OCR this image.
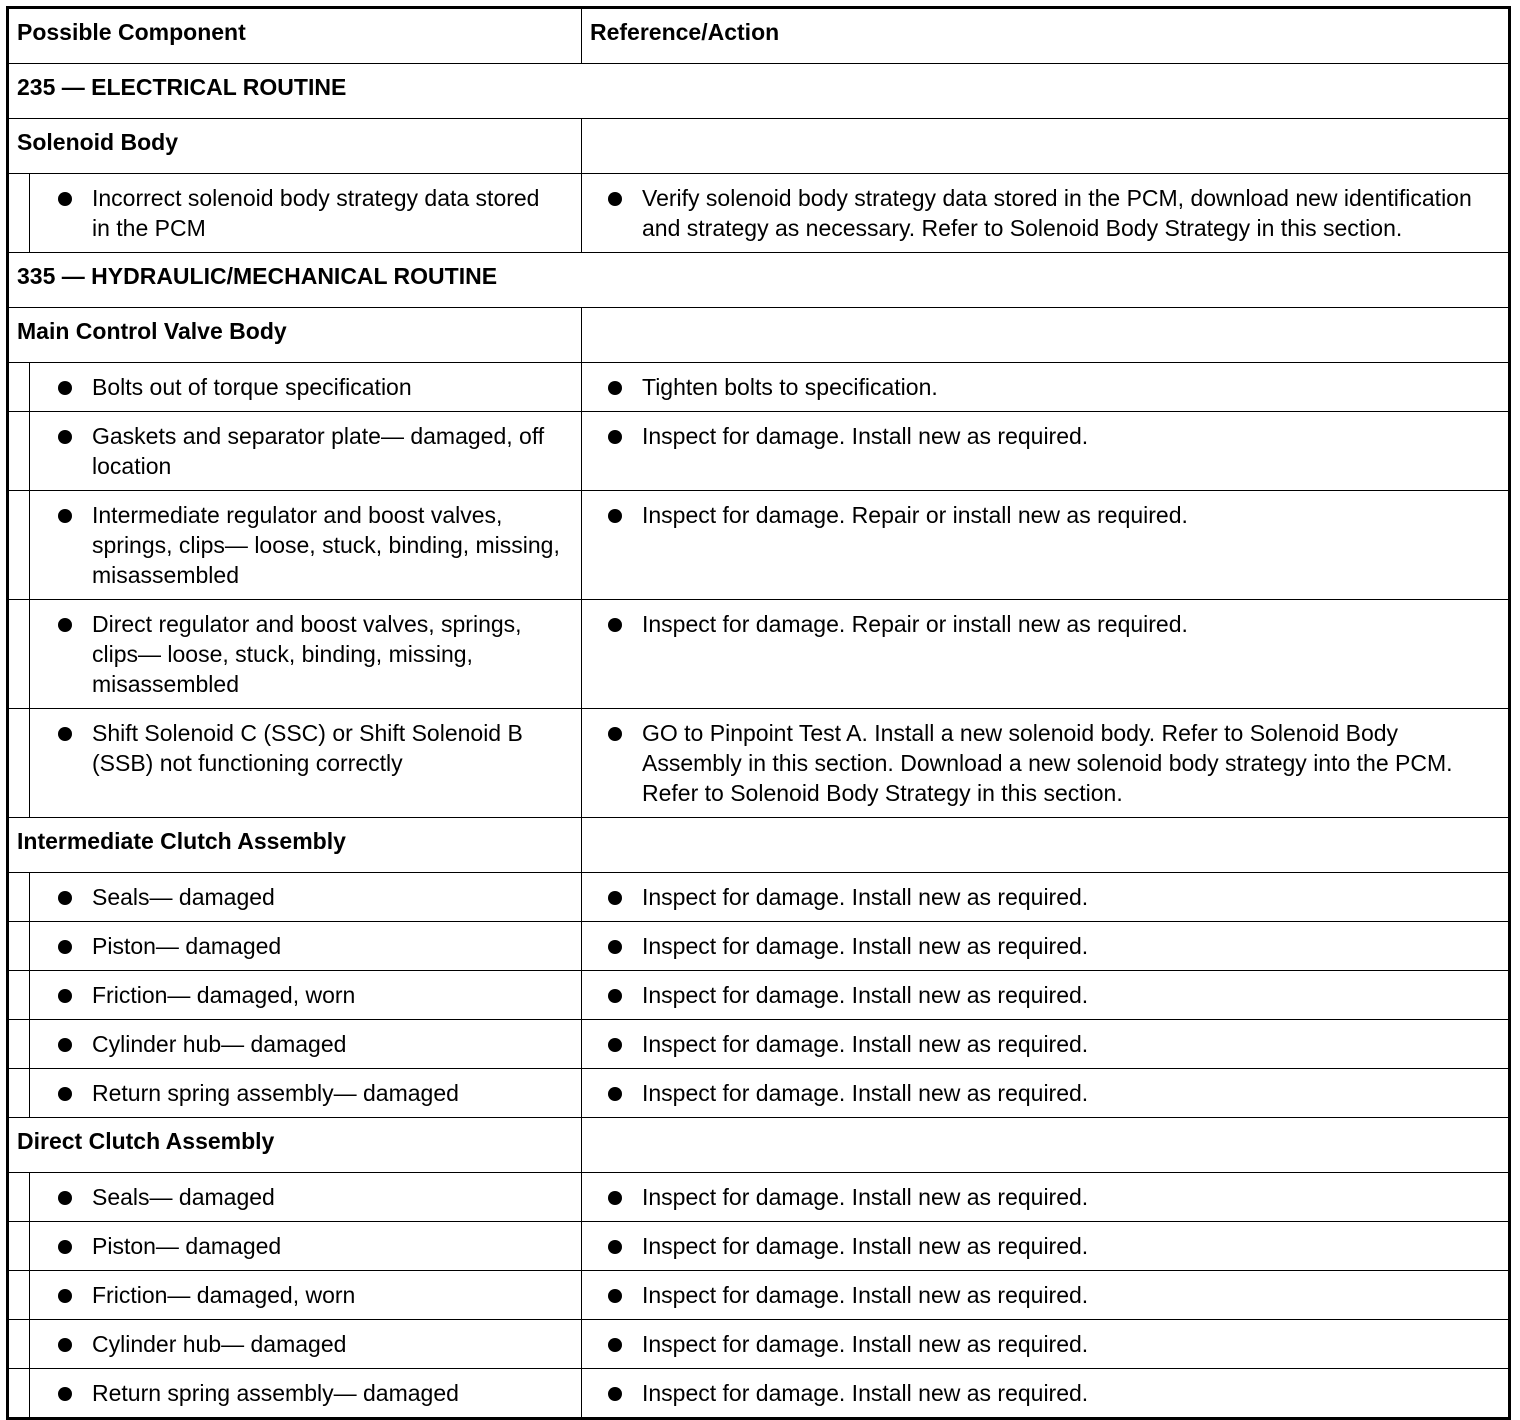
Possible Component		Reference/Action
235 — ELECTRICAL ROUTINE		
Solenoid Body		

	Incorrect solenoid body strategy data stored in the PCM	Verify solenoid body strategy data stored in the PCM, download new identification and strategy as necessary. Refer to Solenoid Body Strategy in this section.

335 — HYDRAULIC/MECHANICAL ROUTINE		
Main Control Valve Body		

	Bolts out of torque specification	Tighten bolts to specification.

	Gaskets and separator plate— damaged, off location	Inspect for damage. Install new as required.

	Intermediate regulator and boost valves, springs, clips— loose, stuck, binding, missing, misassembled	Inspect for damage. Repair or install new as required.

	Direct regulator and boost valves, springs, clips— loose, stuck, binding, missing, misassembled	Inspect for damage. Repair or install new as required.

	Shift Solenoid C (SSC) or Shift Solenoid B (SSB) not functioning correctly	GO to Pinpoint Test A. Install a new solenoid body. Refer to Solenoid Body Assembly in this section. Download a new solenoid body strategy into the PCM. Refer to Solenoid Body Strategy in this section.

Intermediate Clutch Assembly		

	Seals— damaged	Inspect for damage. Install new as required.

	Piston— damaged	Inspect for damage. Install new as required.

	Friction— damaged, worn	Inspect for damage. Install new as required.

	Cylinder hub— damaged	Inspect for damage. Install new as required.

	Return spring assembly— damaged	Inspect for damage. Install new as required.

Direct Clutch Assembly		

	Seals— damaged	Inspect for damage. Install new as required.

	Piston— damaged	Inspect for damage. Install new as required.

	Friction— damaged, worn	Inspect for damage. Install new as required.

	Cylinder hub— damaged	Inspect for damage. Install new as required.

	Return spring assembly— damaged	Inspect for damage. Install new as required.
